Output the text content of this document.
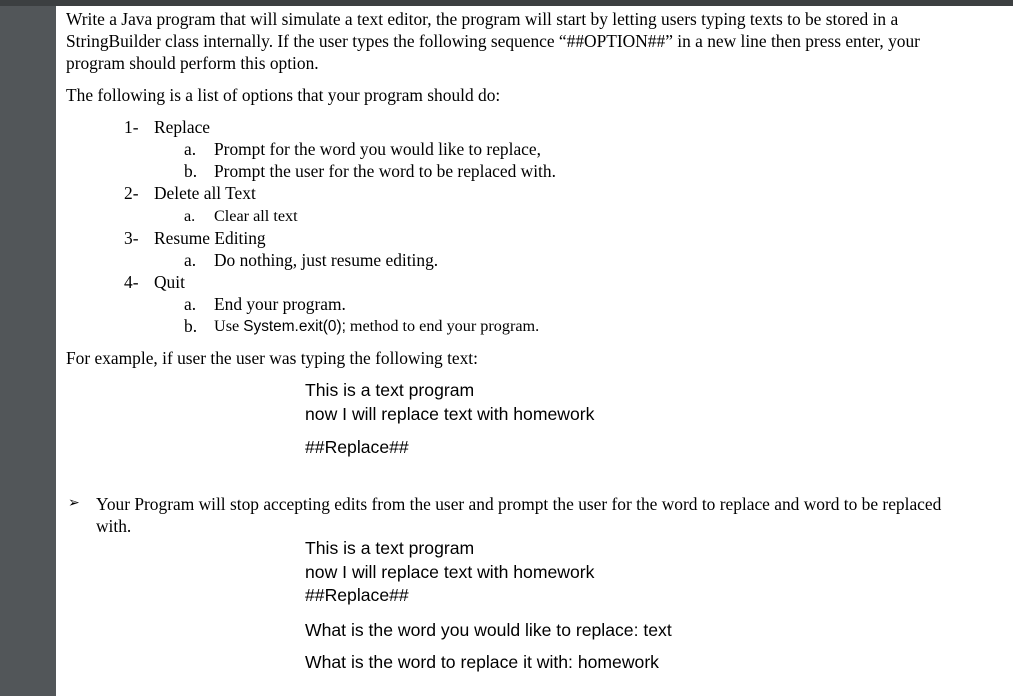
Write a Java program that will simulate a text editor, the program will start by letting users typing texts to be stored in a
StringBuilder class internally. If the user types the following sequence “##OPTION##” in a new line then press enter, your
program should perform this option.
The following is a list of options that your program should do:
1- Replace
a. Prompt for the word you would like to replace,
b. Prompt the user for the word to be replaced with.
2- Delete all Text
a. Clear all text
3- Resume Editing
a. Do nothing, just resume editing.
4- Quit
a. End your program.
b. Use System.exit(0); method to end your program.
For example, if user the user was typing the following text:
This is a text program
now I will replace text with homework
##Replace##
➢ Your Program will stop accepting edits from the user and prompt the user for the word to replace and word to be replaced
with.
This is a text program
now I will replace text with homework
##Replace##
What is the word you would like to replace: text
What is the word to replace it with: homework
